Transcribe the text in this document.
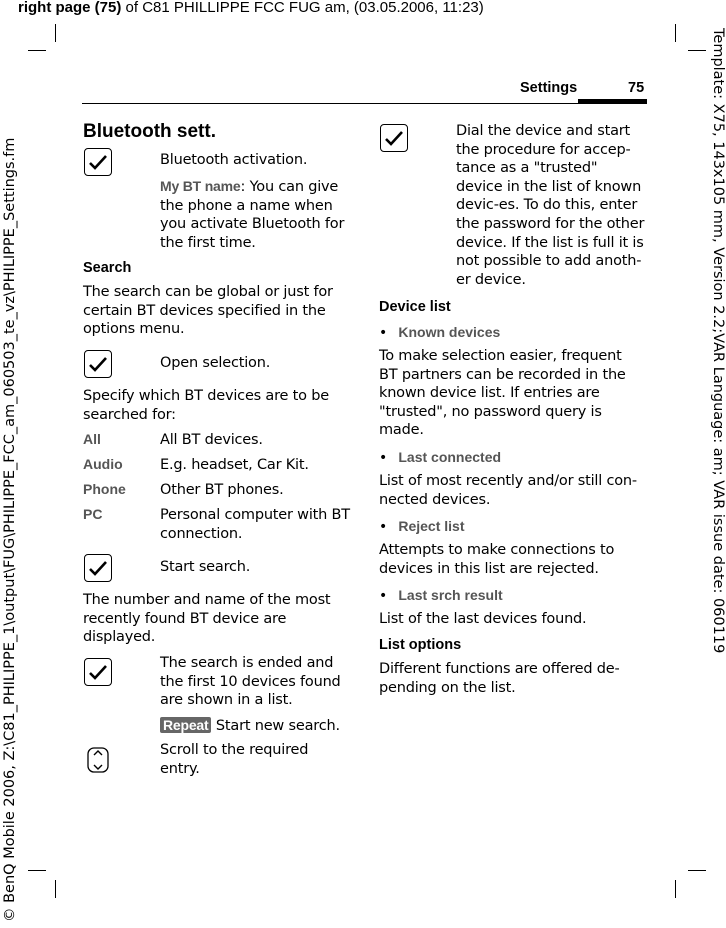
right page (75) of C81 PHILLIPPE FCC FUG am, (03.05.2006, 11:23)
© BenQ Mobile 2006, Z:\C81_PHILIPPE_1\output\FUG\PHILIPPE_FCC_am_060503_te_vz\PHILIPPE_Settings.fm	Template: X75, 143x105 mm, Version 2.2;VAR Language: am; VAR issue date: 060119
Settings	75
Bluetooth sett.
Bluetooth activation.
My BT name: You can give the phone a name when you activate Bluetooth for the first time.
Search
The search can be global or just for certain BT devices specified in the options menu.
Open selection.
Specify which BT devices are to be searched for:
All	All BT devices.
Audio	E.g. headset, Car Kit.
Phone Other BT phones.
PC	Personal computer with BT connection.
Start search.
The number and name of the most recently found BT device are displayed.
The search is ended and the first 10 devices found are shown in a list.
Repeat Start new search.
Scroll to the required entry.
Dial the device and start the procedure for accep-tance as a "trusted" device in the list of known devic-es. To do this, enter the password for the other device. If the list is full it is not possible to add anoth-er device.
Device list
• Known devices
To make selection easier, frequent BT partners can be recorded in the known device list. If entries are "trusted", no password query is made.
• Last connected
List of most recently and/or still con-nected devices.
• Reject list
Attempts to make connections to devices in this list are rejected.
• Last srch result
List of the last devices found.
List options
Different functions are offered de-pending on the list.
